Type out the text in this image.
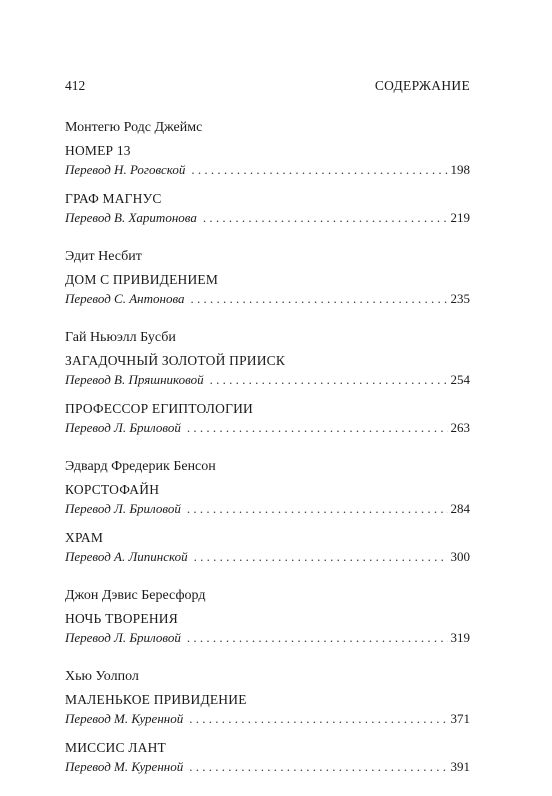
412	СОДЕРЖАНИЕ
Монтегю Родс Джеймс
НОМЕР 13
Перевод Н. Роговской . . .	198
ГРАФ МАГНУС
Перевод В. Харитонова . . .	219
Эдит Несбит
ДОМ С ПРИВИДЕНИЕМ
Перевод С. Антонова . . .	235
Гай Ньюэлл Бусби
ЗАГАДОЧНЫЙ ЗОЛОТОЙ ПРИИСК
Перевод В. Пряшниковой . . .	254
ПРОФЕССОР ЕГИПТОЛОГИИ
Перевод Л. Бриловой . . .	263
Эдвард Фредерик Бенсон
КОРСТОФАЙН
Перевод Л. Бриловой . . .	284
ХРАМ
Перевод А. Липинской . . .	300
Джон Дэвис Бересфорд
НОЧЬ ТВОРЕНИЯ
Перевод Л. Бриловой . . .	319
Хью Уолпол
МАЛЕНЬКОЕ ПРИВИДЕНИЕ
Перевод М. Куренной . . .	371
МИССИС ЛАНТ
Перевод М. Куренной . . .	391
